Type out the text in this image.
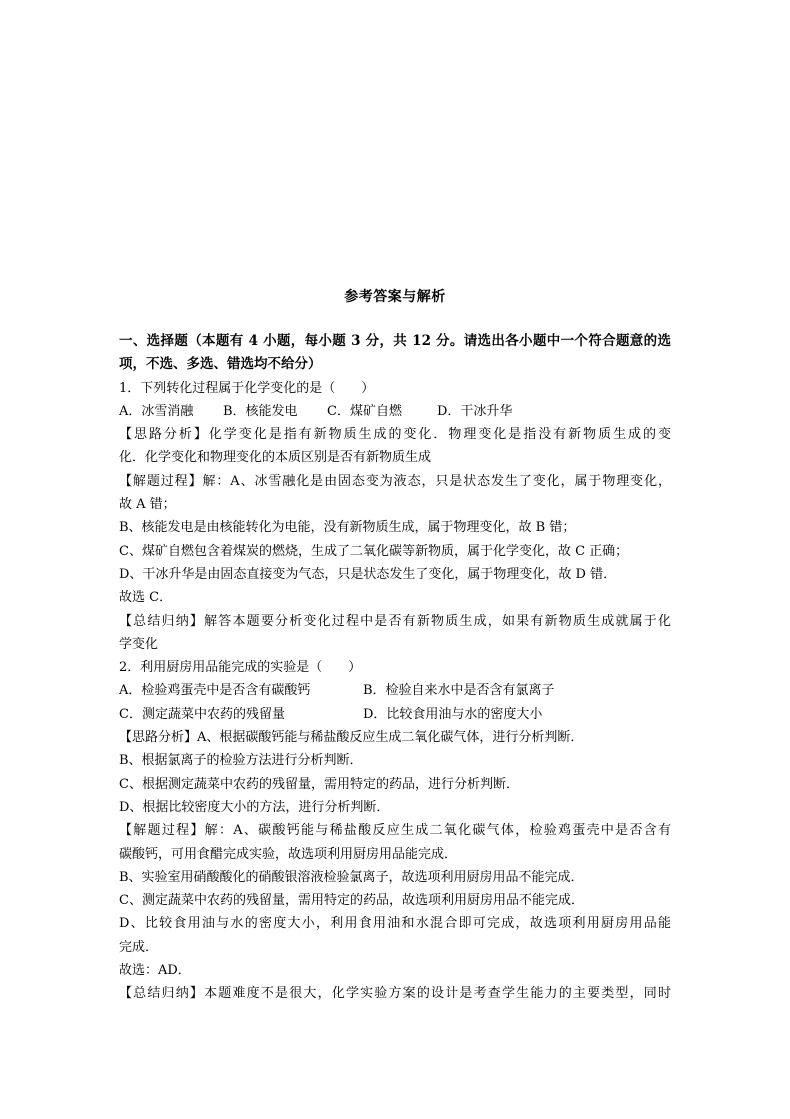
参考答案与解析
一、选择题（本题有 4 小题，每小题 3 分，共 12 分。请选出各小题中一个符合题意的选
项，不选、多选、错选均不给分）
1．下列转化过程属于化学变化的是（　　）
A．冰雪消融	B．核能发电	C．煤矿自燃	D．干冰升华
【思路分析】化学变化是指有新物质生成的变化．物理变化是指没有新物质生成的变
化．化学变化和物理变化的本质区别是否有新物质生成
【解题过程】解：A、冰雪融化是由固态变为液态，只是状态发生了变化，属于物理变化，
故 A 错；
B、核能发电是由核能转化为电能，没有新物质生成，属于物理变化，故 B 错；
C、煤矿自燃包含着煤炭的燃烧，生成了二氧化碳等新物质，属于化学变化，故 C 正确；
D、干冰升华是由固态直接变为气态，只是状态发生了变化，属于物理变化，故 D 错．
故选 C．
【总结归纳】解答本题要分析变化过程中是否有新物质生成，如果有新物质生成就属于化
学变化
2．利用厨房用品能完成的实验是（　　）
A．检验鸡蛋壳中是否含有碳酸钙	B．检验自来水中是否含有氯离子
C．测定蔬菜中农药的残留量	D．比较食用油与水的密度大小
【思路分析】A、根据碳酸钙能与稀盐酸反应生成二氧化碳气体，进行分析判断．
B、根据氯离子的检验方法进行分析判断．
C、根据测定蔬菜中农药的残留量，需用特定的药品，进行分析判断．
D、根据比较密度大小的方法，进行分析判断．
【解题过程】解：A、碳酸钙能与稀盐酸反应生成二氧化碳气体，检验鸡蛋壳中是否含有
碳酸钙，可用食醋完成实验，故选项利用厨房用品能完成．
B、实验室用硝酸酸化的硝酸银溶液检验氯离子，故选项利用厨房用品不能完成．
C、测定蔬菜中农药的残留量，需用特定的药品，故选项利用厨房用品不能完成．
D、比较食用油与水的密度大小，利用食用油和水混合即可完成，故选项利用厨房用品能
完成．
故选：AD．
【总结归纳】本题难度不是很大，化学实验方案的设计是考查学生能力的主要类型，同时
